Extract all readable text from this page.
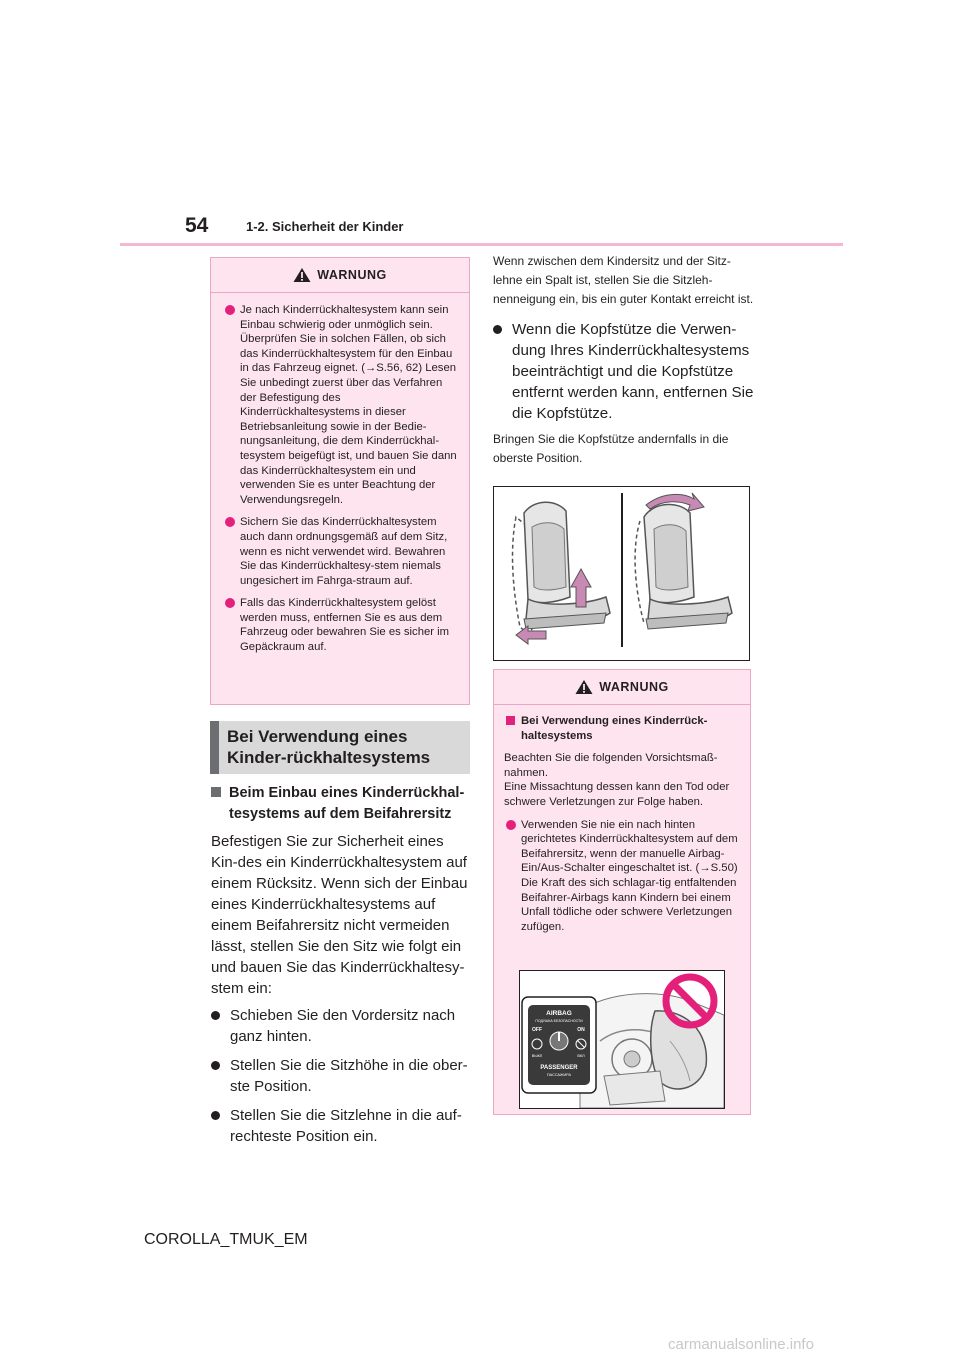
54	1-2. Sicherheit der Kinder
WARNUNG
Je nach Kinderrückhaltesystem kann sein Einbau schwierig oder unmöglich sein. Überprüfen Sie in solchen Fällen, ob sich das Kinderrückhaltesystem für den Einbau in das Fahrzeug eignet. (→S.56, 62) Lesen Sie unbedingt zuerst über das Verfahren der Befestigung des Kinderrückhaltesystems in dieser Betriebsanleitung sowie in der Bedie-nungsanleitung, die dem Kinderrückhal-tesystem beigefügt ist, und bauen Sie dann das Kinderrückhaltesystem ein und verwenden Sie es unter Beachtung der Verwendungsregeln.
Sichern Sie das Kinderrückhaltesystem auch dann ordnungsgemäß auf dem Sitz, wenn es nicht verwendet wird. Bewahren Sie das Kinderrückhaltesy-stem niemals ungesichert im Fahrga-straum auf.
Falls das Kinderrückhaltesystem gelöst werden muss, entfernen Sie es aus dem Fahrzeug oder bewahren Sie es sicher im Gepäckraum auf.
Bei Verwendung eines Kinder-rückhaltesystems
Beim Einbau eines Kinderrückhal-tesystems auf dem Beifahrersitz
Befestigen Sie zur Sicherheit eines Kin-des ein Kinderrückhaltesystem auf einem Rücksitz. Wenn sich der Einbau eines Kinderrückhaltesystems auf einem Beifahrersitz nicht vermeiden lässt, stellen Sie den Sitz wie folgt ein und bauen Sie das Kinderrückhaltesy-stem ein:
Schieben Sie den Vordersitz nach ganz hinten.
Stellen Sie die Sitzhöhe in die ober-ste Position.
Stellen Sie die Sitzlehne in die auf-rechteste Position ein.
Wenn zwischen dem Kindersitz und der Sitz-lehne ein Spalt ist, stellen Sie die Sitzleh-nenneigung ein, bis ein guter Kontakt erreicht ist.
Wenn die Kopfstütze die Verwen-dung Ihres Kinderrückhaltesystems beeinträchtigt und die Kopfstütze entfernt werden kann, entfernen Sie die Kopfstütze.
Bringen Sie die Kopfstütze andernfalls in die oberste Position.
WARNUNG
Bei Verwendung eines Kinderrück-haltesystems
Beachten Sie die folgenden Vorsichtsmaß-nahmen.
Eine Missachtung dessen kann den Tod oder schwere Verletzungen zur Folge haben.
Verwenden Sie nie ein nach hinten gerichtetes Kinderrückhaltesystem auf dem Beifahrersitz, wenn der manuelle Airbag-Ein/Aus-Schalter eingeschaltet ist. (→S.50) Die Kraft des sich schlagar-tig entfaltenden Beifahrer-Airbags kann Kindern bei einem Unfall tödliche oder schwere Verletzungen zufügen.
AIRBAG
ПОДУШКА БЕЗОПАСНОСТИ
OFF	ON
ВЫКЛ	ВКЛ
PASSENGER
ПАССАЖИРА
COROLLA_TMUK_EM
carmanualsonline.info
